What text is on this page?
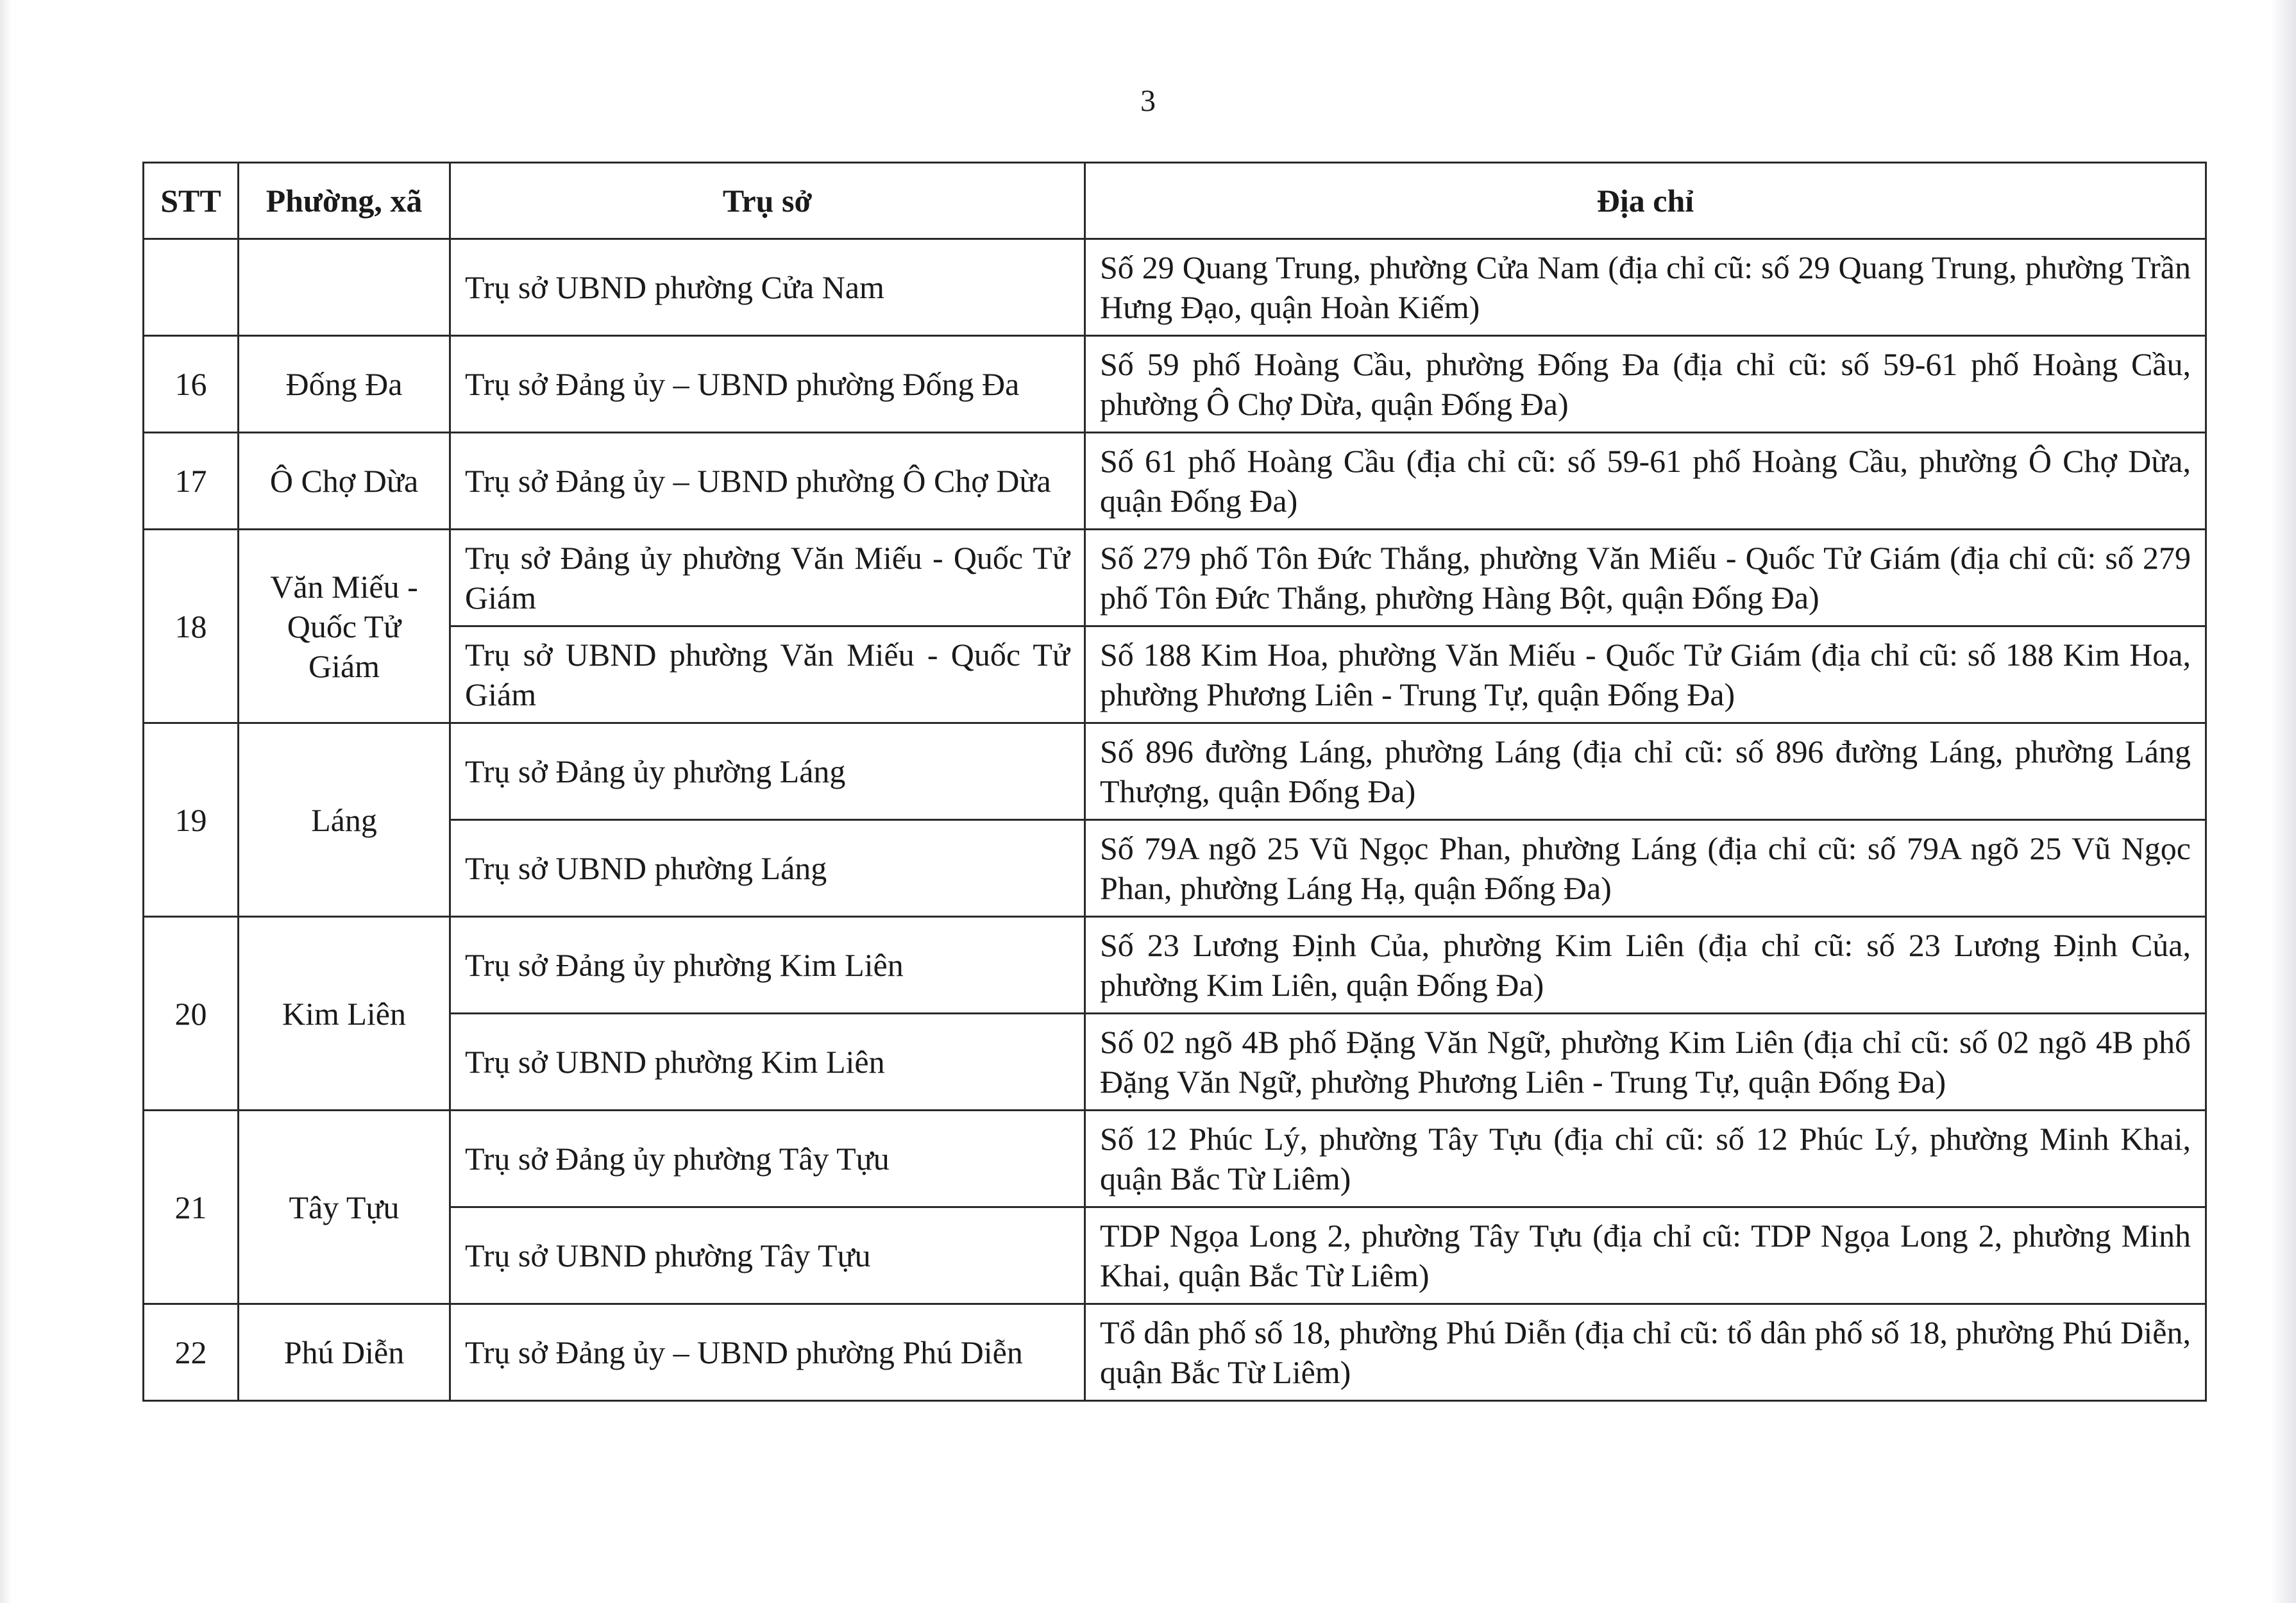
3
STT	Phường, xã	Trụ sở	Địa chỉ
		Trụ sở UBND phường Cửa Nam	Số 29 Quang Trung, phường Cửa Nam (địa chỉ cũ: số 29 Quang Trung, phường Trần Hưng Đạo, quận Hoàn Kiếm)
16	Đống Đa	Trụ sở Đảng ủy – UBND phường Đống Đa	Số 59 phố Hoàng Cầu, phường Đống Đa (địa chỉ cũ: số 59-61 phố Hoàng Cầu, phường Ô Chợ Dừa, quận Đống Đa)
17	Ô Chợ Dừa	Trụ sở Đảng ủy – UBND phường Ô Chợ Dừa	Số 61 phố Hoàng Cầu (địa chỉ cũ: số 59-61 phố Hoàng Cầu, phường Ô Chợ Dừa, quận Đống Đa)
18	Văn Miếu - Quốc Tử Giám	Trụ sở Đảng ủy phường Văn Miếu - Quốc Tử Giám	Số 279 phố Tôn Đức Thắng, phường Văn Miếu - Quốc Tử Giám (địa chỉ cũ: số 279 phố Tôn Đức Thắng, phường Hàng Bột, quận Đống Đa)
		Trụ sở UBND phường Văn Miếu - Quốc Tử Giám	Số 188 Kim Hoa, phường Văn Miếu - Quốc Tử Giám (địa chỉ cũ: số 188 Kim Hoa, phường Phương Liên - Trung Tự, quận Đống Đa)
19	Láng	Trụ sở Đảng ủy phường Láng	Số 896 đường Láng, phường Láng (địa chỉ cũ: số 896 đường Láng, phường Láng Thượng, quận Đống Đa)
		Trụ sở UBND phường Láng	Số 79A ngõ 25 Vũ Ngọc Phan, phường Láng (địa chỉ cũ: số 79A ngõ 25 Vũ Ngọc Phan, phường Láng Hạ, quận Đống Đa)
20	Kim Liên	Trụ sở Đảng ủy phường Kim Liên	Số 23 Lương Định Của, phường Kim Liên (địa chỉ cũ: số 23 Lương Định Của, phường Kim Liên, quận Đống Đa)
		Trụ sở UBND phường Kim Liên	Số 02 ngõ 4B phố Đặng Văn Ngữ, phường Kim Liên (địa chỉ cũ: số 02 ngõ 4B phố Đặng Văn Ngữ, phường Phương Liên - Trung Tự, quận Đống Đa)
21	Tây Tựu	Trụ sở Đảng ủy phường Tây Tựu	Số 12 Phúc Lý, phường Tây Tựu (địa chỉ cũ: số 12 Phúc Lý, phường Minh Khai, quận Bắc Từ Liêm)
		Trụ sở UBND phường Tây Tựu	TDP Ngọa Long 2, phường Tây Tựu (địa chỉ cũ: TDP Ngọa Long 2, phường Minh Khai, quận Bắc Từ Liêm)
22	Phú Diễn	Trụ sở Đảng ủy – UBND phường Phú Diễn	Tổ dân phố số 18, phường Phú Diễn (địa chỉ cũ: tổ dân phố số 18, phường Phú Diễn, quận Bắc Từ Liêm)
